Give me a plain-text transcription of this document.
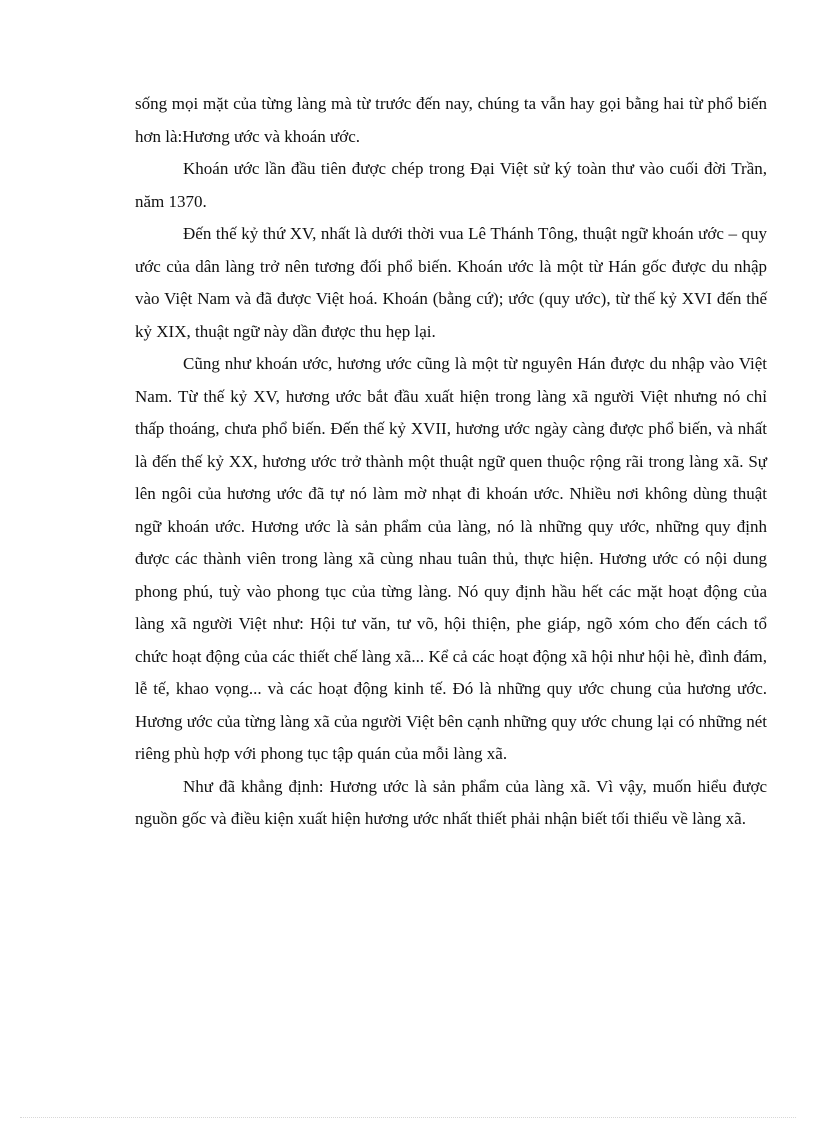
sống mọi mặt của từng làng mà từ trước đến nay, chúng ta vẫn hay gọi bằng hai từ phổ biến hơn là:Hương ước và khoán ước.

Khoán ước lần đầu tiên được chép trong Đại Việt sử ký toàn thư vào cuối đời Trần, năm 1370.

Đến thế kỷ thứ XV, nhất là dưới thời vua Lê Thánh Tông, thuật ngữ khoán ước – quy ước của dân làng trở nên tương đối phổ biến. Khoán ước là một từ Hán gốc được du nhập vào Việt Nam và đã được Việt hoá. Khoán (bằng cứ); ước (quy ước), từ thế kỷ XVI đến thế kỷ XIX, thuật ngữ này dần được thu hẹp lại.

Cũng như khoán ước, hương ước cũng là một từ nguyên Hán được du nhập vào Việt Nam. Từ thế kỷ XV, hương ước bắt đầu xuất hiện trong làng xã người Việt nhưng nó chỉ thấp thoáng, chưa phổ biến. Đến thế kỷ XVII, hương ước ngày càng được phổ biến, và nhất là đến thế kỷ XX, hương ước trở thành một thuật ngữ quen thuộc rộng rãi trong làng xã. Sự lên ngôi của hương ước đã tự nó làm mờ nhạt đi khoán ước. Nhiều nơi không dùng thuật ngữ khoán ước. Hương ước là sản phẩm của làng, nó là những quy ước, những quy định được các thành viên trong làng xã cùng nhau tuân thủ, thực hiện. Hương ước có nội dung phong phú, tuỳ vào phong tục của từng làng. Nó quy định hầu hết các mặt hoạt động của làng xã người Việt như: Hội tư văn, tư võ, hội thiện, phe giáp, ngõ xóm cho đến cách tổ chức hoạt động của các thiết chế làng xã... Kể cả các hoạt động xã hội như hội hè, đình đám, lễ tế, khao vọng... và các hoạt động kinh tế. Đó là những quy ước chung của hương ước. Hương ước của từng làng xã của người Việt bên cạnh những quy ước chung lại có những nét riêng phù hợp với phong tục tập quán của mỗi làng xã.

Như đã khẳng định: Hương ước là sản phẩm của làng xã. Vì vậy, muốn hiểu được nguồn gốc và điều kiện xuất hiện hương ước nhất thiết phải nhận biết tối thiểu về làng xã.
